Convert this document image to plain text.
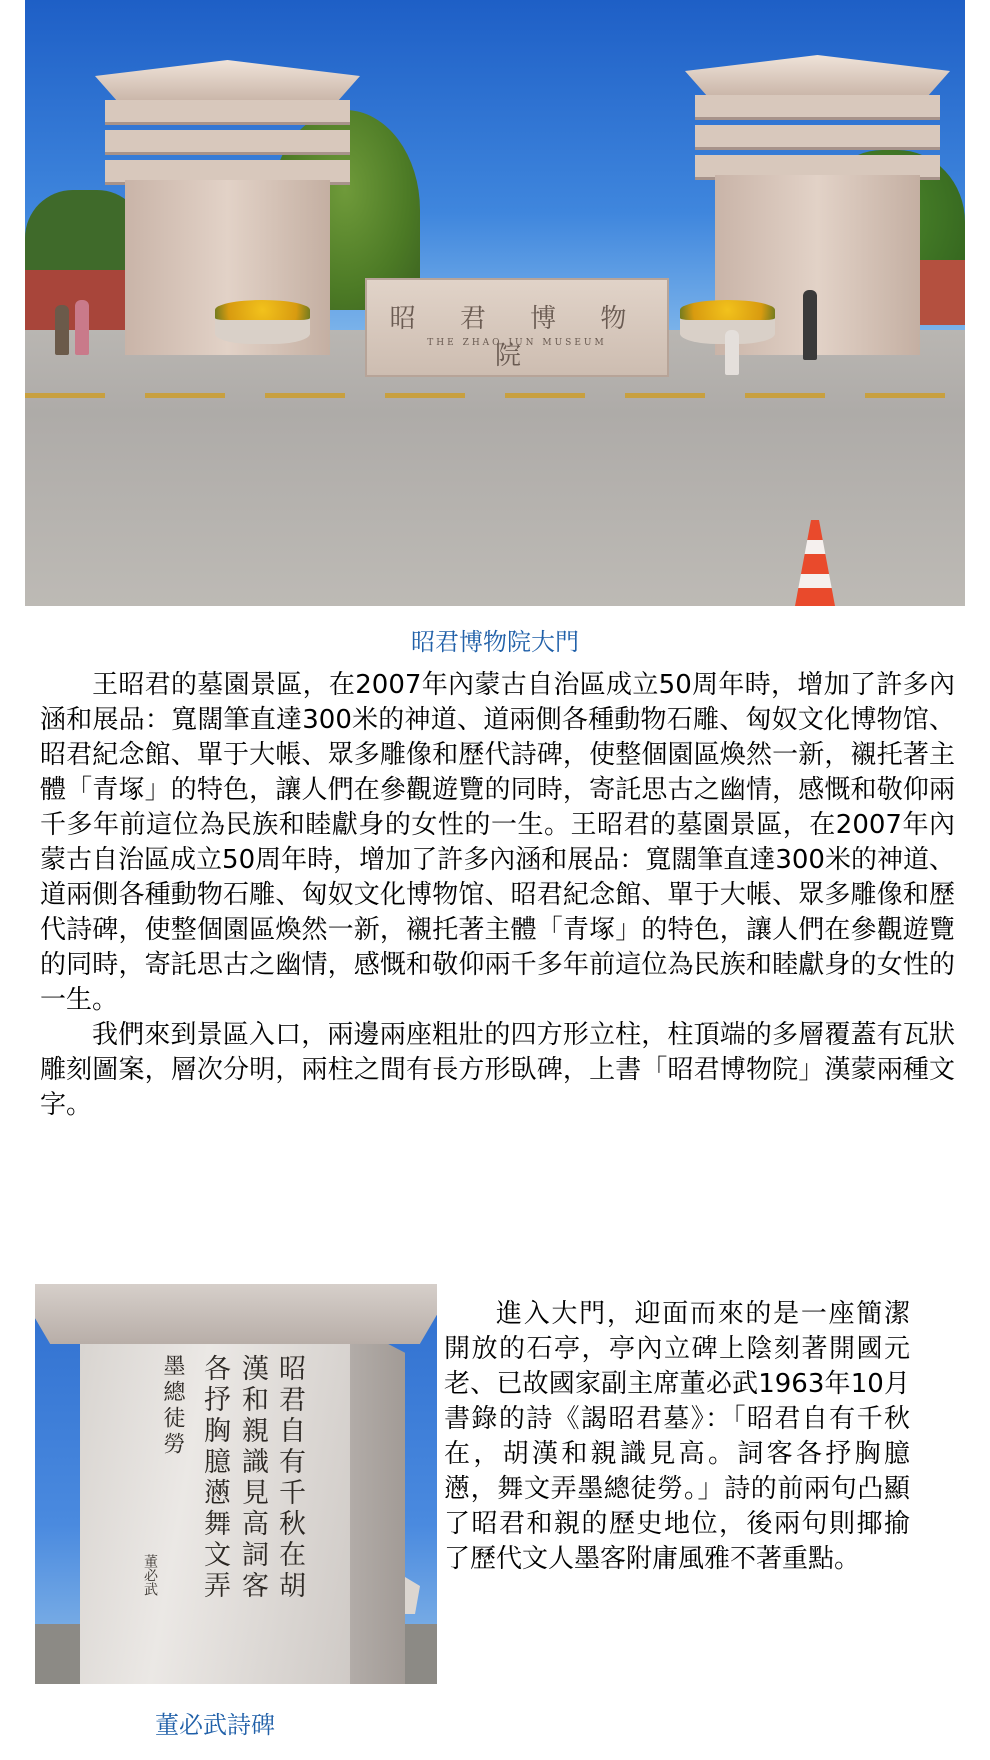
昭 君 博 物 院
THE ZHAO JUN MUSEUM
昭君博物院大門

王昭君的墓園景區，在2007年內蒙古自治區成立50周年時，增加了許多內涵和展品：寬闊筆直達300米的神道、道兩側各種動物石雕、匈奴文化博物馆、昭君紀念館、單于大帳、眾多雕像和歷代詩碑，使整個園區煥然一新，襯托著主體「青塚」的特色，讓人們在參觀遊覽的同時，寄託思古之幽情，感慨和敬仰兩千多年前這位為民族和睦獻身的女性的一生。王昭君的墓園景區，在2007年內蒙古自治區成立50周年時，增加了許多內涵和展品：寬闊筆直達300米的神道、道兩側各種動物石雕、匈奴文化博物馆、昭君紀念館、單于大帳、眾多雕像和歷代詩碑，使整個園區煥然一新，襯托著主體「青塚」的特色，讓人們在參觀遊覽的同時，寄託思古之幽情，感慨和敬仰兩千多年前這位為民族和睦獻身的女性的一生。

我們來到景區入口，兩邊兩座粗壯的四方形立柱，柱頂端的多層覆蓋有瓦狀雕刻圖案，層次分明，兩柱之間有長方形臥碑，上書「昭君博物院」漢蒙兩種文字。

昭君自有千秋在胡
漢和親識見高詞客
各抒胸臆懣舞文弄
墨總徒勞
董必武

進入大門，迎面而來的是一座簡潔開放的石亭，亭內立碑上陰刻著開國元老、已故國家副主席董必武1963年10月書錄的詩《謁昭君墓》：「昭君自有千秋在，胡漢和親識見高。詞客各抒胸臆懣，舞文弄墨總徒勞。」詩的前兩句凸顯了昭君和親的歷史地位，後兩句則揶揄了歷代文人墨客附庸風雅不著重點。

董必武詩碑
